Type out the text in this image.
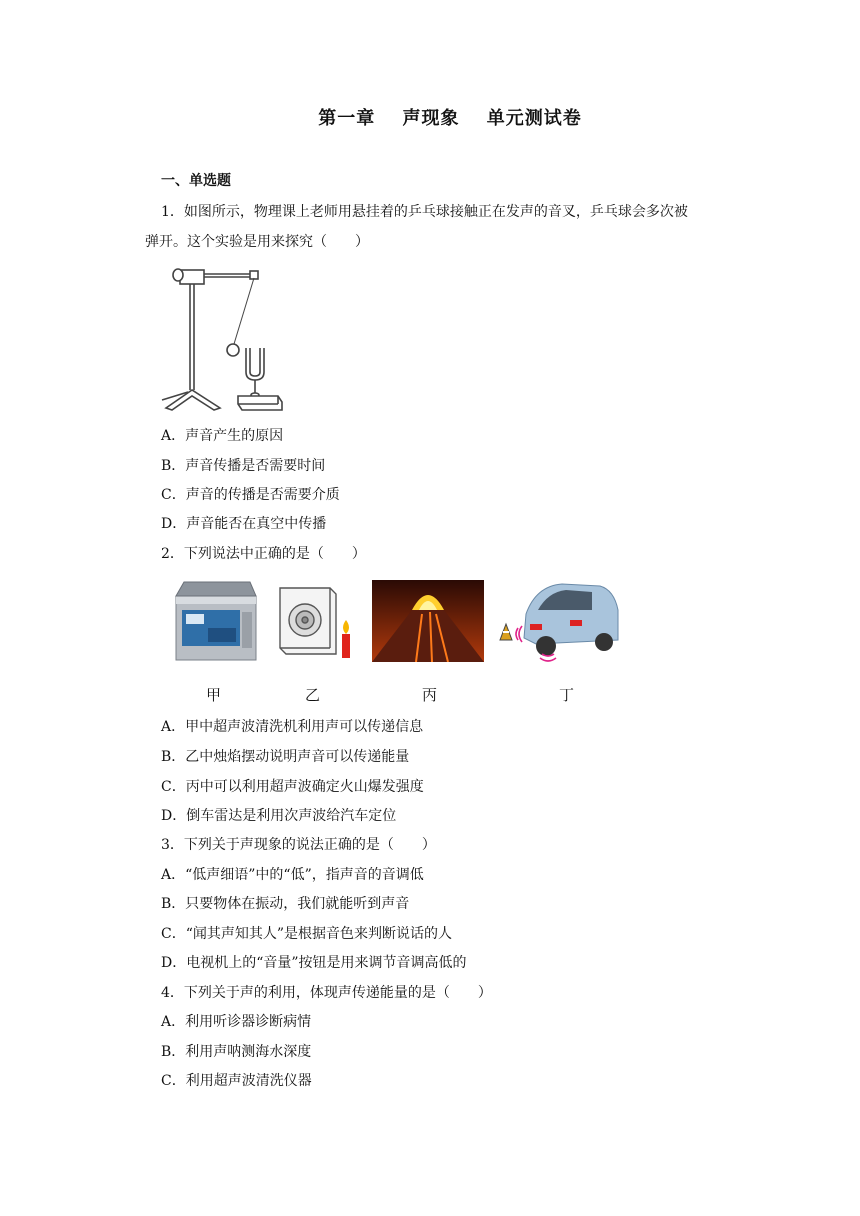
第一章 声现象 单元测试卷
一、单选题
1．如图所示，物理课上老师用悬挂着的乒乓球接触正在发声的音叉，乒乓球会多次被
弹开。这个实验是用来探究（　　）
A．声音产生的原因
B．声音传播是否需要时间
C．声音的传播是否需要介质
D．声音能否在真空中传播
2．下列说法中正确的是（　　）
甲	乙	丙	丁
A．甲中超声波清洗机利用声可以传递信息
B．乙中烛焰摆动说明声音可以传递能量
C．丙中可以利用超声波确定火山爆发强度
D．倒车雷达是利用次声波给汽车定位
3．下列关于声现象的说法正确的是（　　）
A．“低声细语”中的“低”，指声音的音调低
B．只要物体在振动，我们就能听到声音
C．“闻其声知其人”是根据音色来判断说话的人
D．电视机上的“音量”按钮是用来调节音调高低的
4．下列关于声的利用，体现声传递能量的是（　　）
A．利用听诊器诊断病情
B．利用声呐测海水深度
C．利用超声波清洗仪器
